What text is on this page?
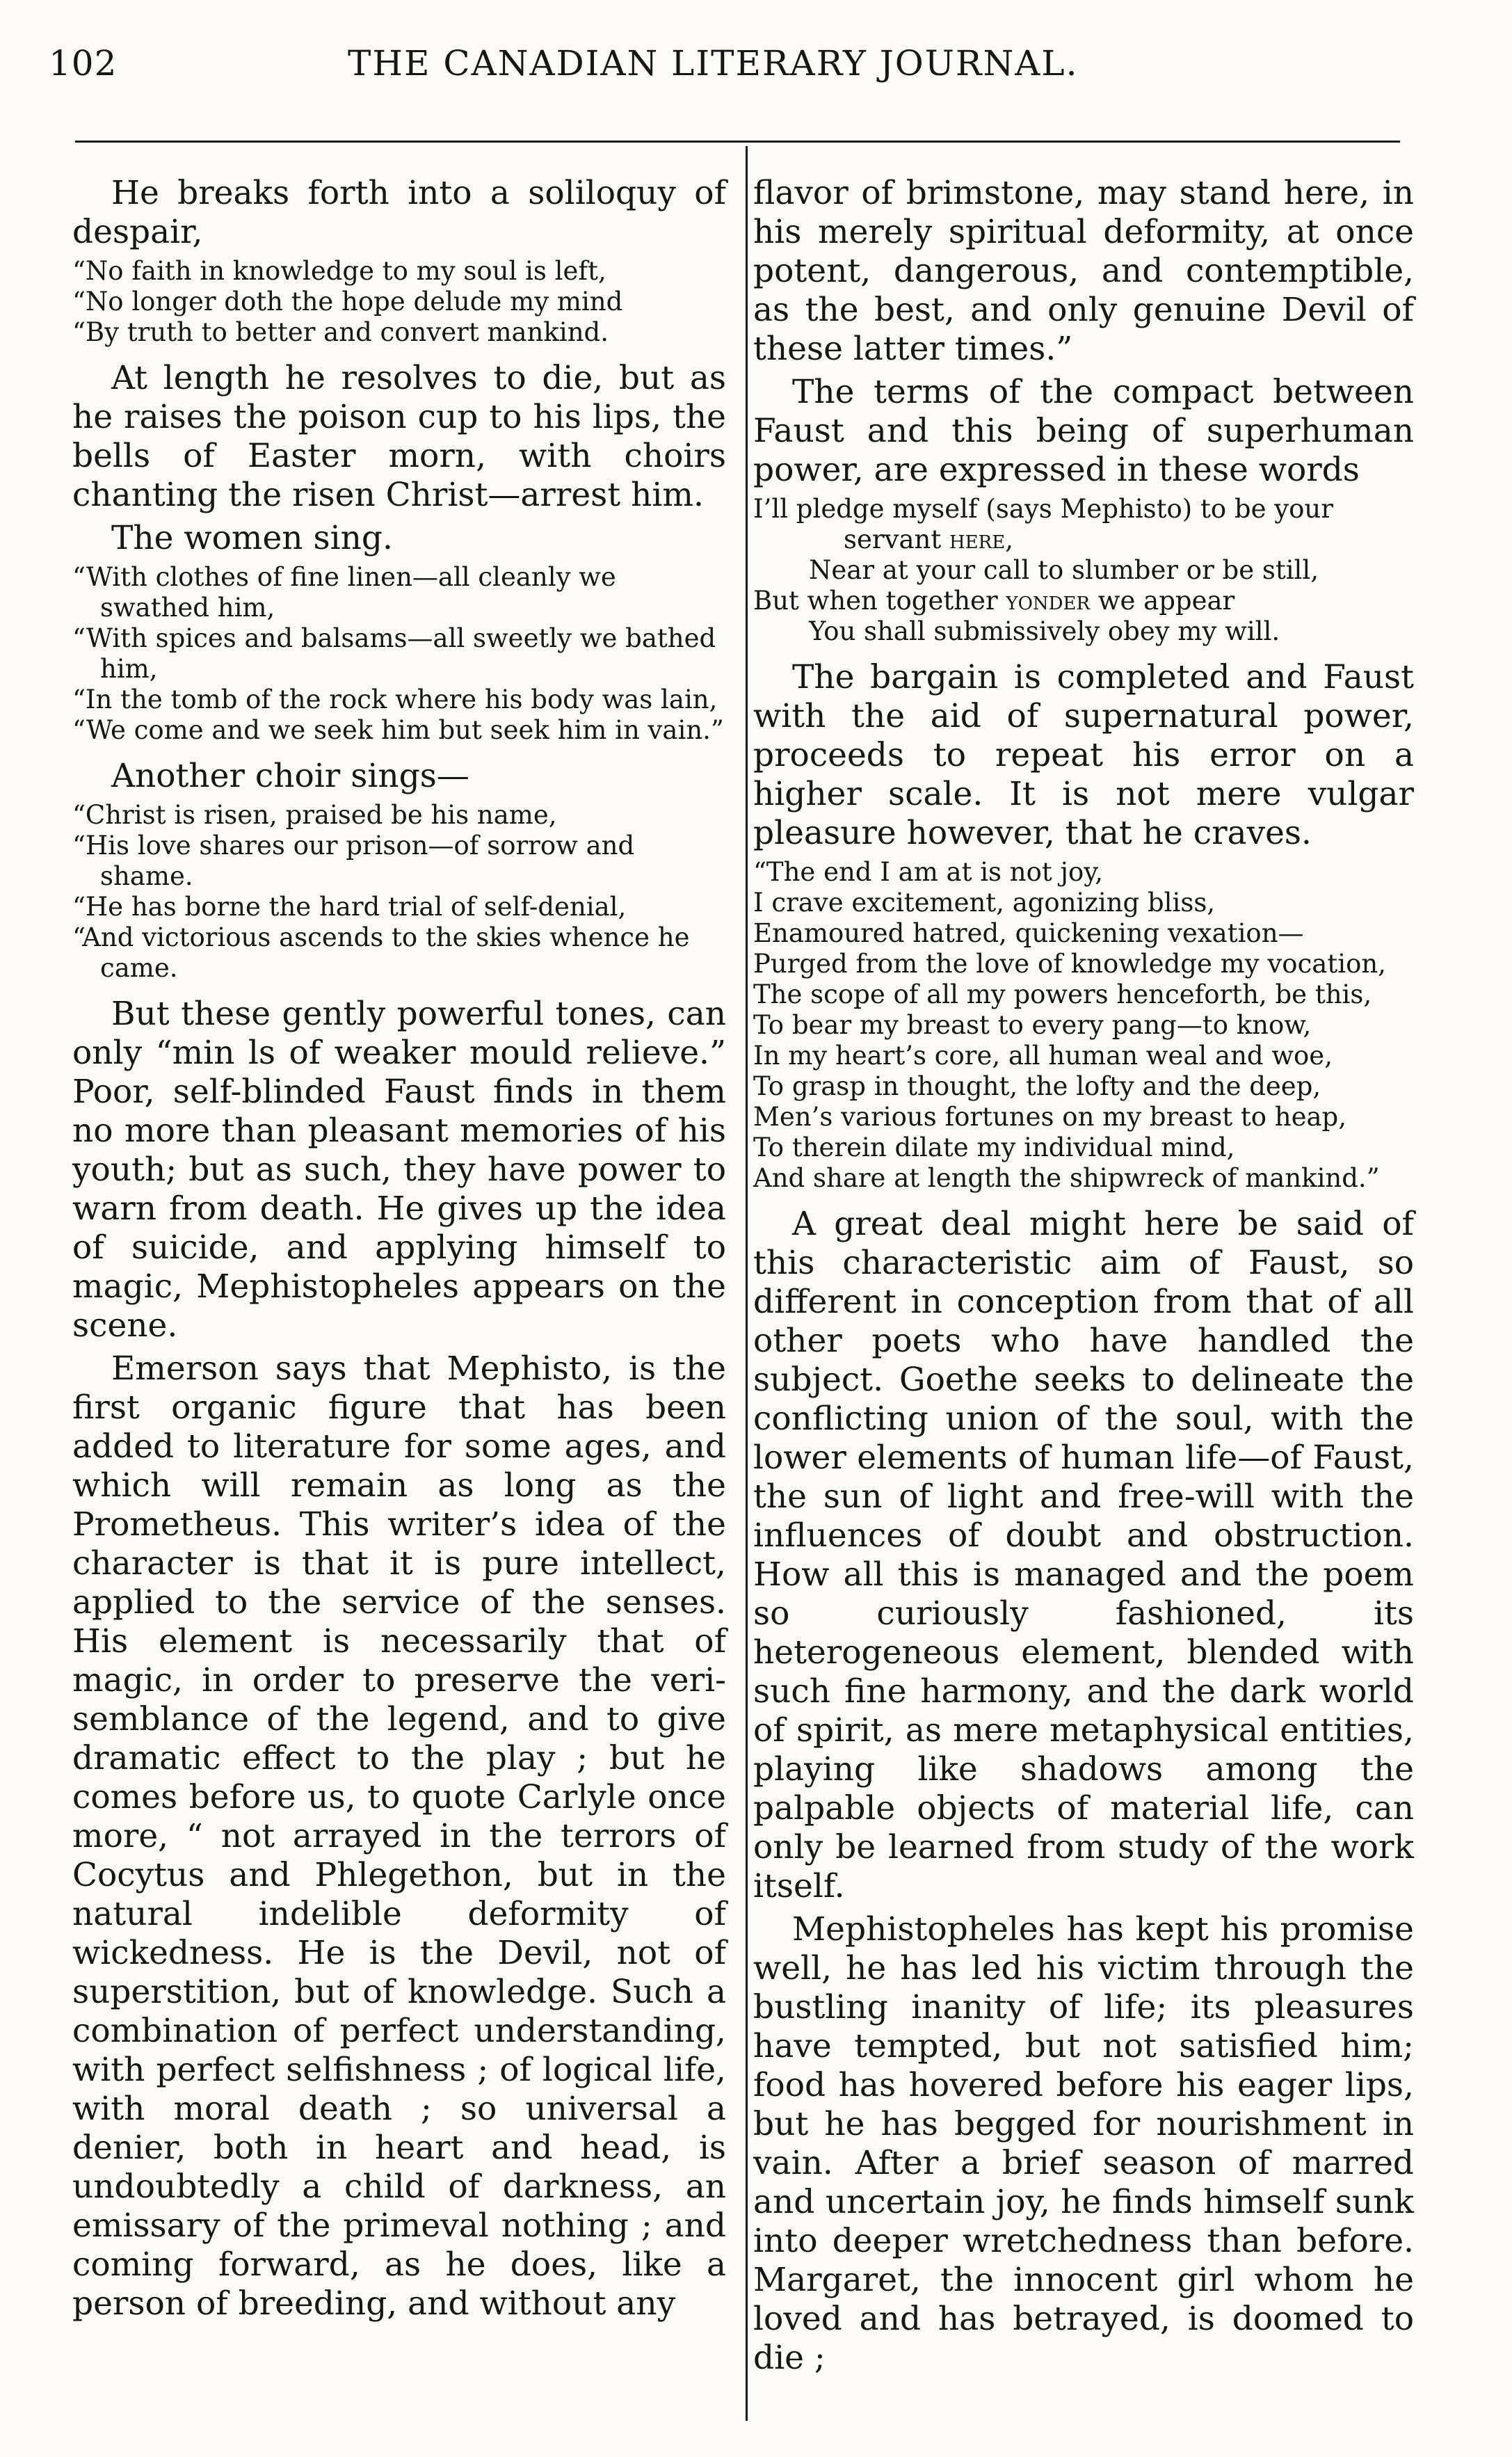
102	THE CANADIAN LITERARY JOURNAL.

He breaks forth into a soliloquy of despair,

“No faith in knowledge to my soul is left,
“No longer doth the hope delude my mind
“By truth to better and convert mankind.

At length he resolves to die, but as he raises the poison cup to his lips, the bells of Easter morn, with choirs chanting the risen Christ—arrest him.

The women sing.

“With clothes of fine linen—all cleanly we swathed him,
“With spices and balsams—all sweetly we bathed him,
“In the tomb of the rock where his body was lain,
“We come and we seek him but seek him in vain.”

Another choir sings—

“Christ is risen, praised be his name,
“His love shares our prison—of sorrow and shame.
“He has borne the hard trial of self-denial,
“And victorious ascends to the skies whence he came.

But these gently powerful tones, can only “min ls of weaker mould relieve.” Poor, self-blinded Faust finds in them no more than pleasant memories of his youth; but as such, they have power to warn from death. He gives up the idea of suicide, and applying himself to magic, Mephistopheles appears on the scene.

Emerson says that Mephisto, is the first organic figure that has been added to literature for some ages, and which will remain as long as the Prometheus. This writer’s idea of the character is that it is pure intellect, applied to the service of the senses. His element is necessarily that of magic, in order to preserve the veri-semblance of the legend, and to give dramatic effect to the play ; but he comes before us, to quote Carlyle once more, “ not arrayed in the terrors of Cocytus and Phlegethon, but in the natural indelible deformity of wickedness. He is the Devil, not of superstition, but of knowledge. Such a combination of perfect understanding, with perfect selfishness ; of logical life, with moral death ; so universal a denier, both in heart and head, is undoubtedly a child of darkness, an emissary of the primeval nothing ; and coming forward, as he does, like a person of breeding, and without any

flavor of brimstone, may stand here, in his merely spiritual deformity, at once potent, dangerous, and contemptible, as the best, and only genuine Devil of these latter times.”

The terms of the compact between Faust and this being of superhuman power, are expressed in these words

I’ll pledge myself (says Mephisto) to be your
servant here,
Near at your call to slumber or be still,
But when together yonder we appear
You shall submissively obey my will.

The bargain is completed and Faust with the aid of supernatural power, proceeds to repeat his error on a higher scale. It is not mere vulgar pleasure however, that he craves.

“The end I am at is not joy,
I crave excitement, agonizing bliss,
Enamoured hatred, quickening vexation—
Purged from the love of knowledge my vocation,
The scope of all my powers henceforth, be this,
To bear my breast to every pang—to know,
In my heart’s core, all human weal and woe,
To grasp in thought, the lofty and the deep,
Men’s various fortunes on my breast to heap,
To therein dilate my individual mind,
And share at length the shipwreck of mankind.”

A great deal might here be said of this characteristic aim of Faust, so different in conception from that of all other poets who have handled the subject. Goethe seeks to delineate the conflicting union of the soul, with the lower elements of human life—of Faust, the sun of light and free-will with the influences of doubt and obstruction. How all this is managed and the poem so curiously fashioned, its heterogeneous element, blended with such fine harmony, and the dark world of spirit, as mere metaphysical entities, playing like shadows among the palpable objects of material life, can only be learned from study of the work itself.

Mephistopheles has kept his promise well, he has led his victim through the bustling inanity of life; its pleasures have tempted, but not satisfied him; food has hovered before his eager lips, but he has begged for nourishment in vain. After a brief season of marred and uncertain joy, he finds himself sunk into deeper wretchedness than before. Margaret, the innocent girl whom he loved and has betrayed, is doomed to die ;
